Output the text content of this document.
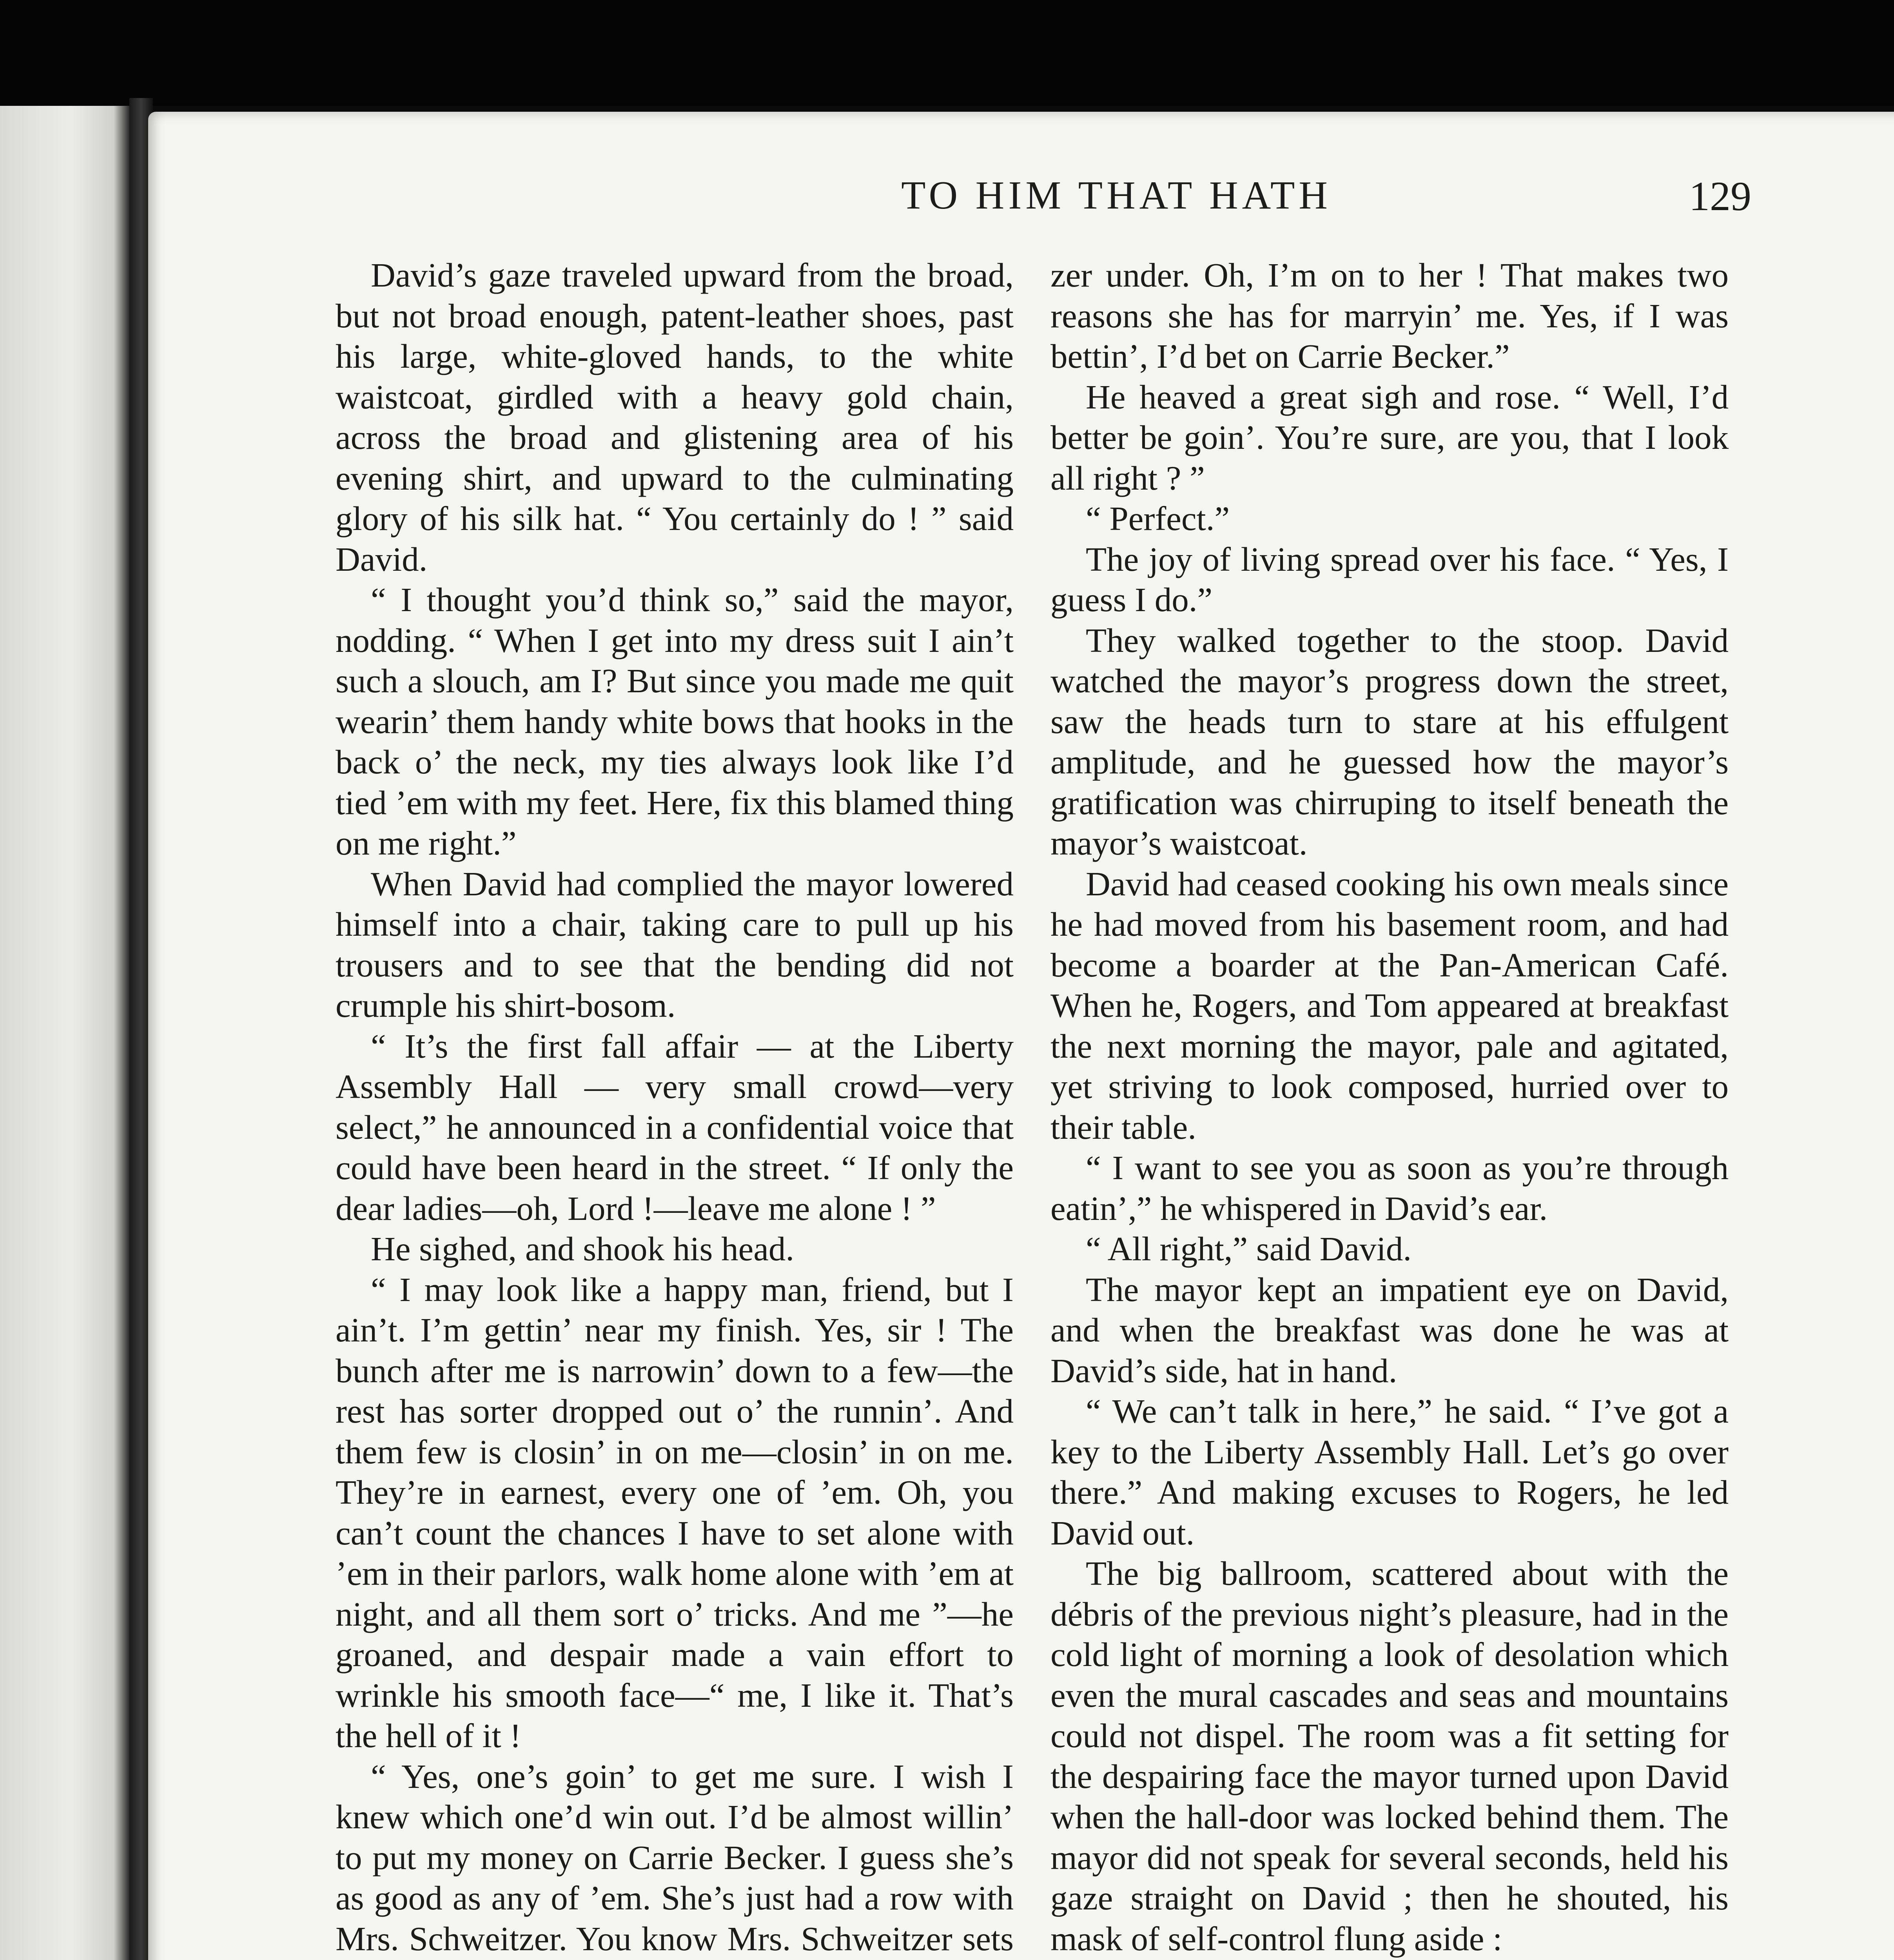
TO HIM THAT HATH	129

David’s gaze traveled upward from the broad, but not broad enough, patent-leather shoes, past his large, white-gloved hands, to the white waistcoat, girdled with a heavy gold chain, across the broad and glistening area of his evening shirt, and upward to the culminating glory of his silk hat. “ You certainly do ! ” said David.

“ I thought you’d think so,” said the mayor, nodding. “ When I get into my dress suit I ain’t such a slouch, am I? But since you made me quit wearin’ them handy white bows that hooks in the back o’ the neck, my ties always look like I’d tied ’em with my feet. Here, fix this blamed thing on me right.”

When David had complied the mayor lowered himself into a chair, taking care to pull up his trousers and to see that the bending did not crumple his shirt-bosom.

“ It’s the first fall affair — at the Liberty Assembly Hall — very small crowd—very select,” he announced in a confidential voice that could have been heard in the street. “ If only the dear ladies—oh, Lord !—leave me alone ! ”

He sighed, and shook his head.

“ I may look like a happy man, friend, but I ain’t. I’m gettin’ near my finish. Yes, sir ! The bunch after me is narrowin’ down to a few—the rest has sorter dropped out o’ the runnin’. And them few is closin’ in on me—closin’ in on me. They’re in earnest, every one of ’em. Oh, you can’t count the chances I have to set alone with ’em in their parlors, walk home alone with ’em at night, and all them sort o’ tricks. And me ”—he groaned, and despair made a vain effort to wrinkle his smooth face—“ me, I like it. That’s the hell of it !

“ Yes, one’s goin’ to get me sure. I wish I knew which one’d win out. I’d be almost willin’ to put my money on Carrie Becker. I guess she’s as good as any of ’em. She’s just had a row with Mrs. Schweitzer. You know Mrs. Schweitzer sets

zer under. Oh, I’m on to her ! That makes two reasons she has for marryin’ me. Yes, if I was bettin’, I’d bet on Carrie Becker.”

He heaved a great sigh and rose. “ Well, I’d better be goin’. You’re sure, are you, that I look all right ? ”

“ Perfect.”

The joy of living spread over his face. “ Yes, I guess I do.”

They walked together to the stoop. David watched the mayor’s progress down the street, saw the heads turn to stare at his effulgent amplitude, and he guessed how the mayor’s gratification was chirruping to itself beneath the mayor’s waistcoat.

David had ceased cooking his own meals since he had moved from his basement room, and had become a boarder at the Pan-American Café. When he, Rogers, and Tom appeared at breakfast the next morning the mayor, pale and agitated, yet striving to look composed, hurried over to their table.

“ I want to see you as soon as you’re through eatin’,” he whispered in David’s ear.

“ All right,” said David.

The mayor kept an impatient eye on David, and when the breakfast was done he was at David’s side, hat in hand.

“ We can’t talk in here,” he said. “ I’ve got a key to the Liberty Assembly Hall. Let’s go over there.” And making excuses to Rogers, he led David out.

The big ballroom, scattered about with the débris of the previous night’s pleasure, had in the cold light of morning a look of desolation which even the mural cascades and seas and mountains could not dispel. The room was a fit setting for the despairing face the mayor turned upon David when the hall-door was locked behind them. The mayor did not speak for several seconds, held his gaze straight on David ; then he shouted, his mask of self-control flung aside :
